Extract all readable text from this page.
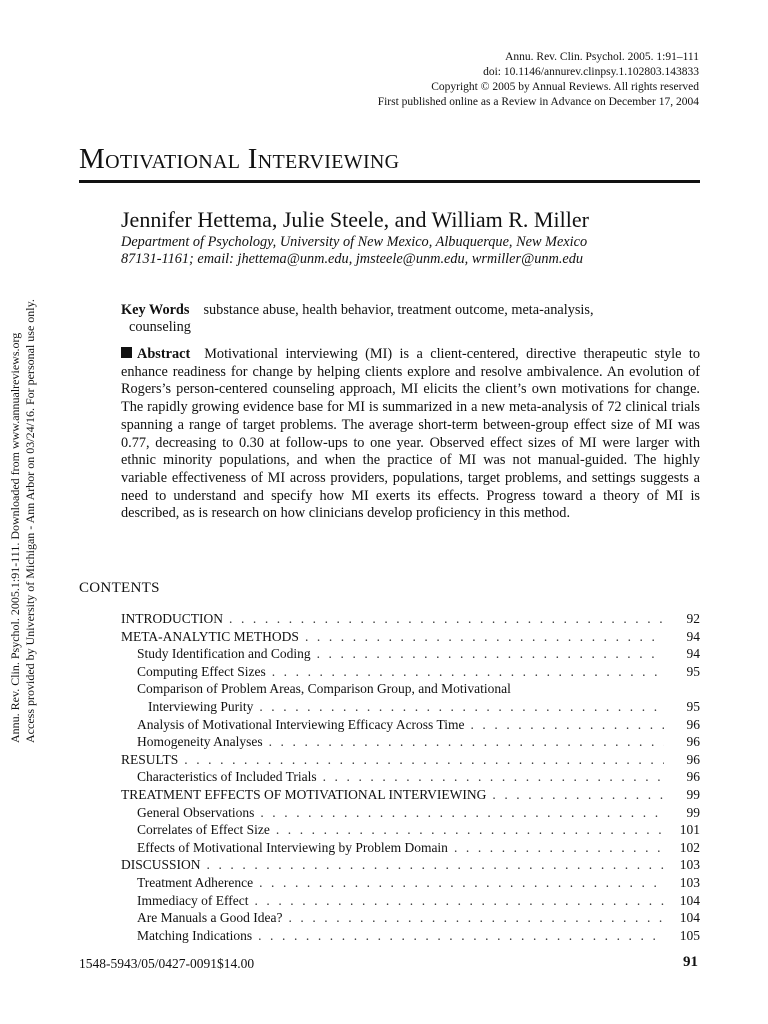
Annu. Rev. Clin. Psychol. 2005. 1:91–111
doi: 10.1146/annurev.clinpsy.1.102803.143833
Copyright © 2005 by Annual Reviews. All rights reserved
First published online as a Review in Advance on December 17, 2004
Motivational Interviewing
Jennifer Hettema, Julie Steele, and William R. Miller
Department of Psychology, University of New Mexico, Albuquerque, New Mexico
87131-1161; email: jhettema@unm.edu, jmsteele@unm.edu, wrmiller@unm.edu
Key Words substance abuse, health behavior, treatment outcome, meta-analysis,
counseling
Abstract Motivational interviewing (MI) is a client-centered, directive therapeutic style to enhance readiness for change by helping clients explore and resolve ambivalence. An evolution of Rogers’s person-centered counseling approach, MI elicits the client’s own motivations for change. The rapidly growing evidence base for MI is summarized in a new meta-analysis of 72 clinical trials spanning a range of target problems. The average short-term between-group effect size of MI was 0.77, decreasing to 0.30 at follow-ups to one year. Observed effect sizes of MI were larger with ethnic minority populations, and when the practice of MI was not manual-guided. The highly variable effectiveness of MI across providers, populations, target problems, and settings suggests a need to understand and specify how MI exerts its effects. Progress toward a theory of MI is described, as is research on how clinicians develop proficiency in this method.
CONTENTS
INTRODUCTION . . .	92
META-ANALYTIC METHODS . . .	94
Study Identification and Coding . . .	94
Computing Effect Sizes . . .	95
Comparison of Problem Areas, Comparison Group, and Motivational
Interviewing Purity . . .	95
Analysis of Motivational Interviewing Efficacy Across Time . . .	96
Homogeneity Analyses . . .	96
RESULTS . . .	96
Characteristics of Included Trials . . .	96
TREATMENT EFFECTS OF MOTIVATIONAL INTERVIEWING . . .	99
General Observations . . .	99
Correlates of Effect Size . . .	101
Effects of Motivational Interviewing by Problem Domain . . .	102
DISCUSSION . . .	103
Treatment Adherence . . .	103
Immediacy of Effect . . .	104
Are Manuals a Good Idea? . . .	104
Matching Indications . . .	105
1548-5943/05/0427-0091$14.00	91
Annu. Rev. Clin. Psychol. 2005.1:91-111. Downloaded from www.annualreviews.org Access provided by University of Michigan - Ann Arbor on 03/24/16. For personal use only.
